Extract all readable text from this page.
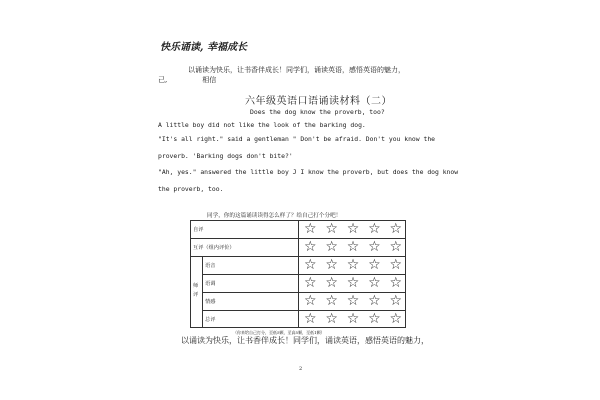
快乐诵读, 幸福成长
以诵读为快乐，让书香伴成长！同学们，诵读英语，感悟英语的魅力，
己,　　　　　相信
六年级英语口语诵读材料（二）
Does the dog know the proverb, too?
A little boy did not like the look of the barking dog.
"It's all right." said a gentleman " Don't be afraid. Don't you know the
proverb. 'Barking dogs don't bite?'
"Ah, yes." answered the little boy J I know the proverb, but does the dog know
the proverb, too.
同学，你的这篇诵读读得怎么样了？给自己打个分吧！
自评
互评（组内评价）
师评
语音
语调
情感
总评
☆ ☆ ☆ ☆ ☆
☆ ☆ ☆ ☆ ☆
☆ ☆ ☆ ☆ ☆
☆ ☆ ☆ ☆ ☆
☆ ☆ ☆ ☆ ☆
☆ ☆ ☆ ☆ ☆
（你来给自己打分，至低5颗，至高5颗，至低1颗）
以诵读为快乐，让书香伴成长！同学们，诵读英语，感悟英语的魅力，
2
